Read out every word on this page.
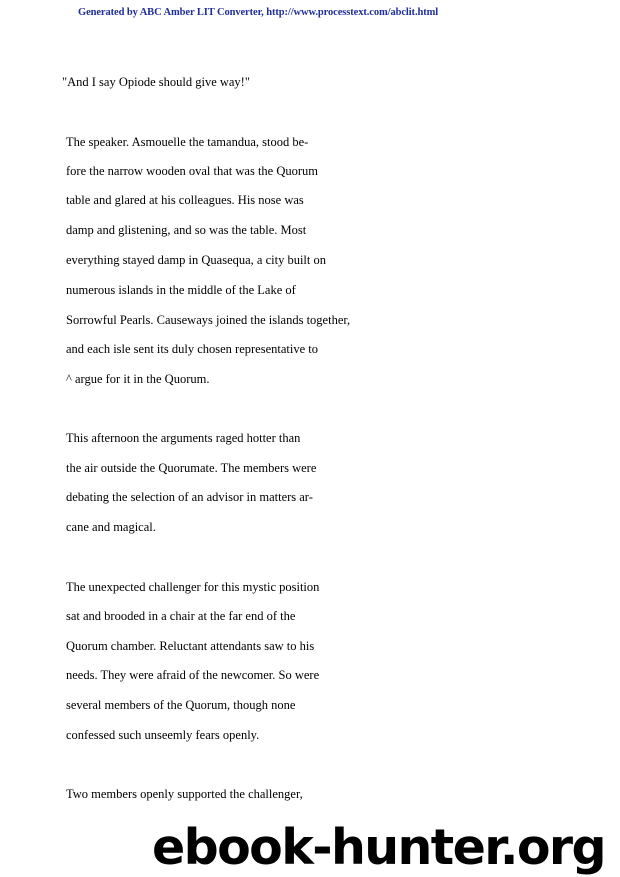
Generated by ABC Amber LIT Converter, http://www.processtext.com/abclit.html
"And I say Opiode should give way!"
The speaker. Asmouelle the tamandua, stood be-
fore the narrow wooden oval that was the Quorum
table and glared at his colleagues. His nose was
damp and glistening, and so was the table. Most
everything stayed damp in Quasequa, a city built on
numerous islands in the middle of the Lake of
Sorrowful Pearls. Causeways joined the islands together,
and each isle sent its duly chosen representative to
^ argue for it in the Quorum.
This afternoon the arguments raged hotter than
the air outside the Quorumate. The members were
debating the selection of an advisor in matters ar-
cane and magical.
The unexpected challenger for this mystic position
sat and brooded in a chair at the far end of the
Quorum chamber. Reluctant attendants saw to his
needs. They were afraid of the newcomer. So were
several members of the Quorum, though none
confessed such unseemly fears openly.
Two members openly supported the challenger,
ebook-hunter.org
